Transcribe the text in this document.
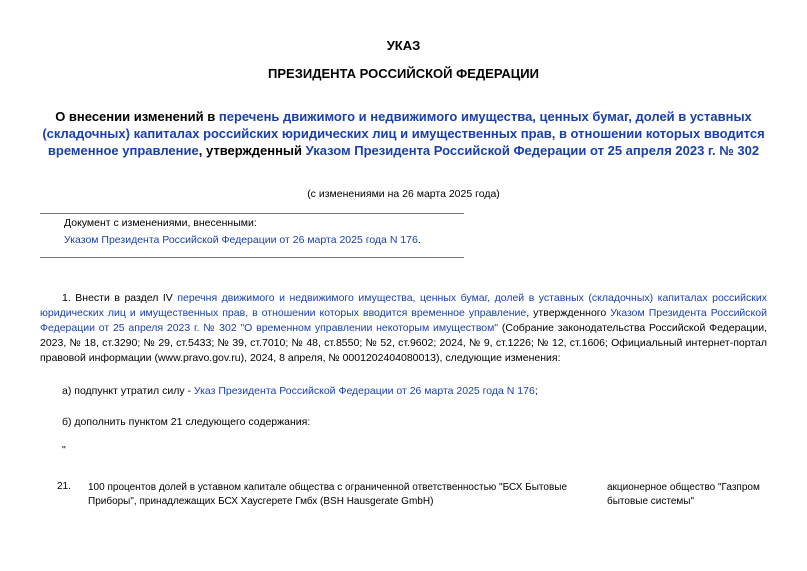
УКАЗ
ПРЕЗИДЕНТА РОССИЙСКОЙ ФЕДЕРАЦИИ
О внесении изменений в перечень движимого и недвижимого имущества, ценных бумаг, долей в уставных (складочных) капиталах российских юридических лиц и имущественных прав, в отношении которых вводится временное управление, утвержденный Указом Президента Российской Федерации от 25 апреля 2023 г. № 302
(с изменениями на 26 марта 2025 года)
Документ с изменениями, внесенными:
Указом Президента Российской Федерации от 26 марта 2025 года N 176.
1. Внести в раздел IV перечня движимого и недвижимого имущества, ценных бумаг, долей в уставных (складочных) капиталах российских юридических лиц и имущественных прав, в отношении которых вводится временное управление, утвержденного Указом Президента Российской Федерации от 25 апреля 2023 г. № 302 "О временном управлении некоторым имуществом" (Собрание законодательства Российской Федерации, 2023, № 18, ст.3290; № 29, ст.5433; № 39, ст.7010; № 48, ст.8550; № 52, ст.9602; 2024, № 9, ст.1226; № 12, ст.1606; Официальный интернет-портал правовой информации (www.pravo.gov.ru), 2024, 8 апреля, № 0001202404080013), следующие изменения:
а) подпункт утратил силу - Указ Президента Российской Федерации от 26 марта 2025 года N 176;
б) дополнить пунктом 21 следующего содержания:
"
21. 100 процентов долей в уставном капитале общества с ограниченной ответственностью "БСХ Бытовые Приборы", принадлежащих БСХ Хаусгерете Гмбх (BSH Hausgerate GmbH)
акционерное общество "Газпром бытовые системы"
